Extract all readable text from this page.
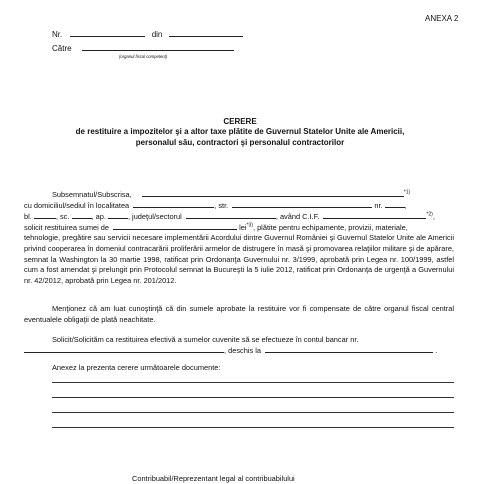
ANEXA 2
Nr.	din
Către
(organul fiscal competent)
CERERE
de restituire a impozitelor şi a altor taxe plătite de Guvernul Statelor Unite ale Americii,
personalul său, contractori şi personalul contractorilor
Subsemnatul/Subscrisa,	$^{*1)}$
cu domiciliul/sediul în localitatea	, str.	nr.	,
bl.	, sc.	, ap.	, judeţul/sectorul	, având C.I.F.	$^{*2)}$,
solicit restituirea sumei de	lei$^{*3)}$, plătite pentru echipamente, provizii, materiale,
tehnologie, pregătire sau servicii necesare implementării Acordului dintre Guvernul României şi Guvernul Statelor Unite ale Americii privind cooperarea în domeniul contracarării proliferării armelor de distrugere în masă şi promovarea relaţiilor militare şi de apărare, semnat la Washington la 30 martie 1998, ratificat prin Ordonanţa Guvernului nr. 3/1999, aprobată prin Legea nr. 100/1999, astfel cum a fost amendat şi prelungit prin Protocolul semnat la Bucureşti la 5 iulie 2012, ratificat prin Ordonanţa de urgenţă a Guvernului nr. 42/2012, aprobată prin Legea nr. 201/2012.
Menţionez că am luat cunoştinţă că din sumele aprobate la restituire vor fi compensate de către organul fiscal central eventualele obligaţii de plată neachitate.
Solicit/Solicităm ca restituirea efectivă a sumelor cuvenite să se efectueze în contul bancar nr.
, deschis la	.
Anexez la prezenta cerere următoarele documente:
Contribuabil/Reprezentant legal al contribuabilului
